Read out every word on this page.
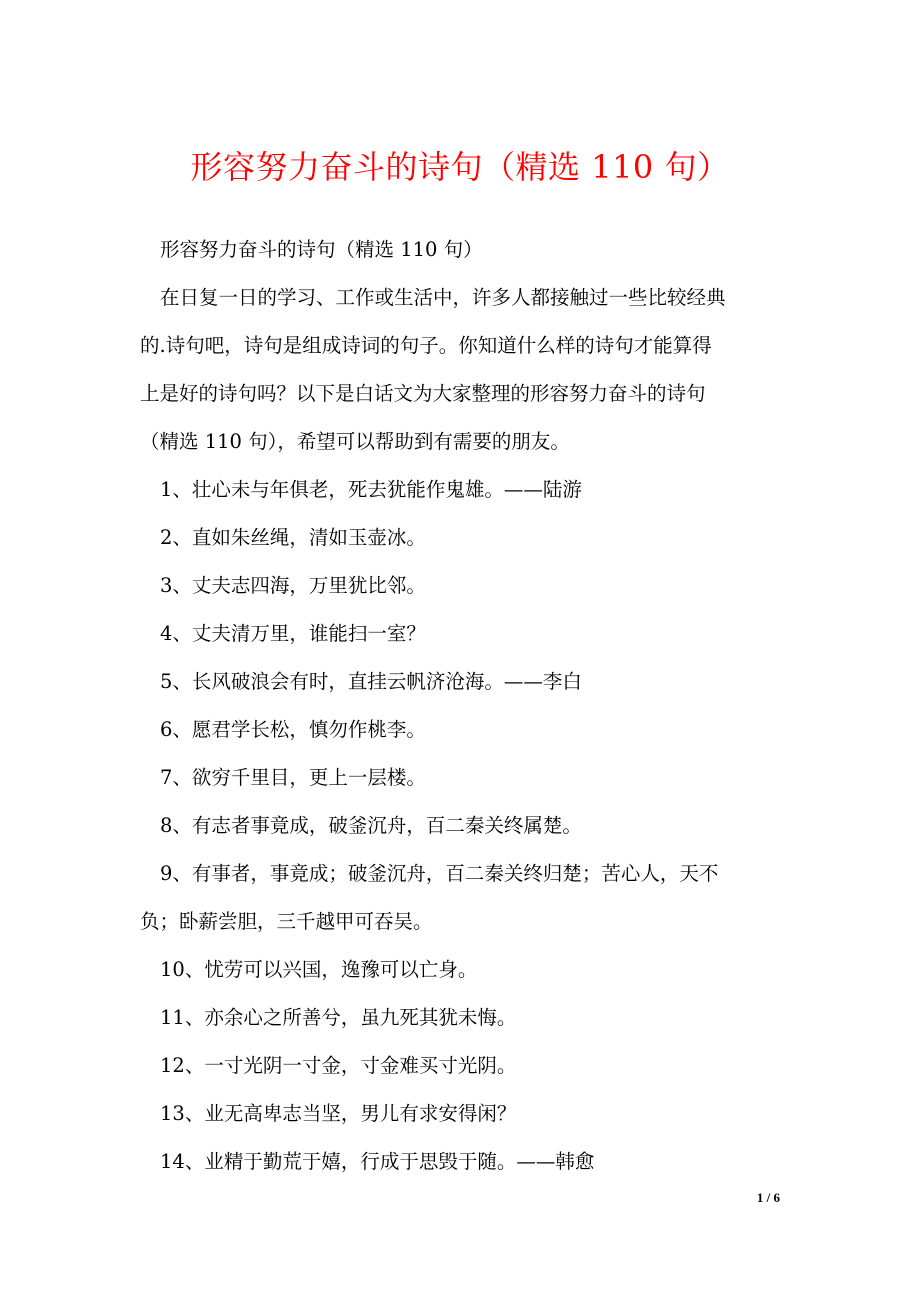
形容努力奋斗的诗句（精选 110 句）
形容努力奋斗的诗句（精选 110 句）
在日复一日的学习、工作或生活中，许多人都接触过一些比较经典
的.诗句吧，诗句是组成诗词的句子。你知道什么样的诗句才能算得
上是好的诗句吗？以下是白话文为大家整理的形容努力奋斗的诗句
（精选 110 句），希望可以帮助到有需要的朋友。
1、壮心未与年俱老，死去犹能作鬼雄。——陆游
2、直如朱丝绳，清如玉壶冰。
3、丈夫志四海，万里犹比邻。
4、丈夫清万里，谁能扫一室？
5、长风破浪会有时，直挂云帆济沧海。——李白
6、愿君学长松，慎勿作桃李。
7、欲穷千里目，更上一层楼。
8、有志者事竟成，破釜沉舟，百二秦关终属楚。
9、有事者，事竟成；破釜沉舟，百二秦关终归楚；苦心人，天不
负；卧薪尝胆，三千越甲可吞吴。
10、忧劳可以兴国，逸豫可以亡身。
11、亦余心之所善兮，虽九死其犹未悔。
12、一寸光阴一寸金，寸金难买寸光阴。
13、业无高卑志当坚，男儿有求安得闲？
14、业精于勤荒于嬉，行成于思毁于随。——韩愈
1 / 6
